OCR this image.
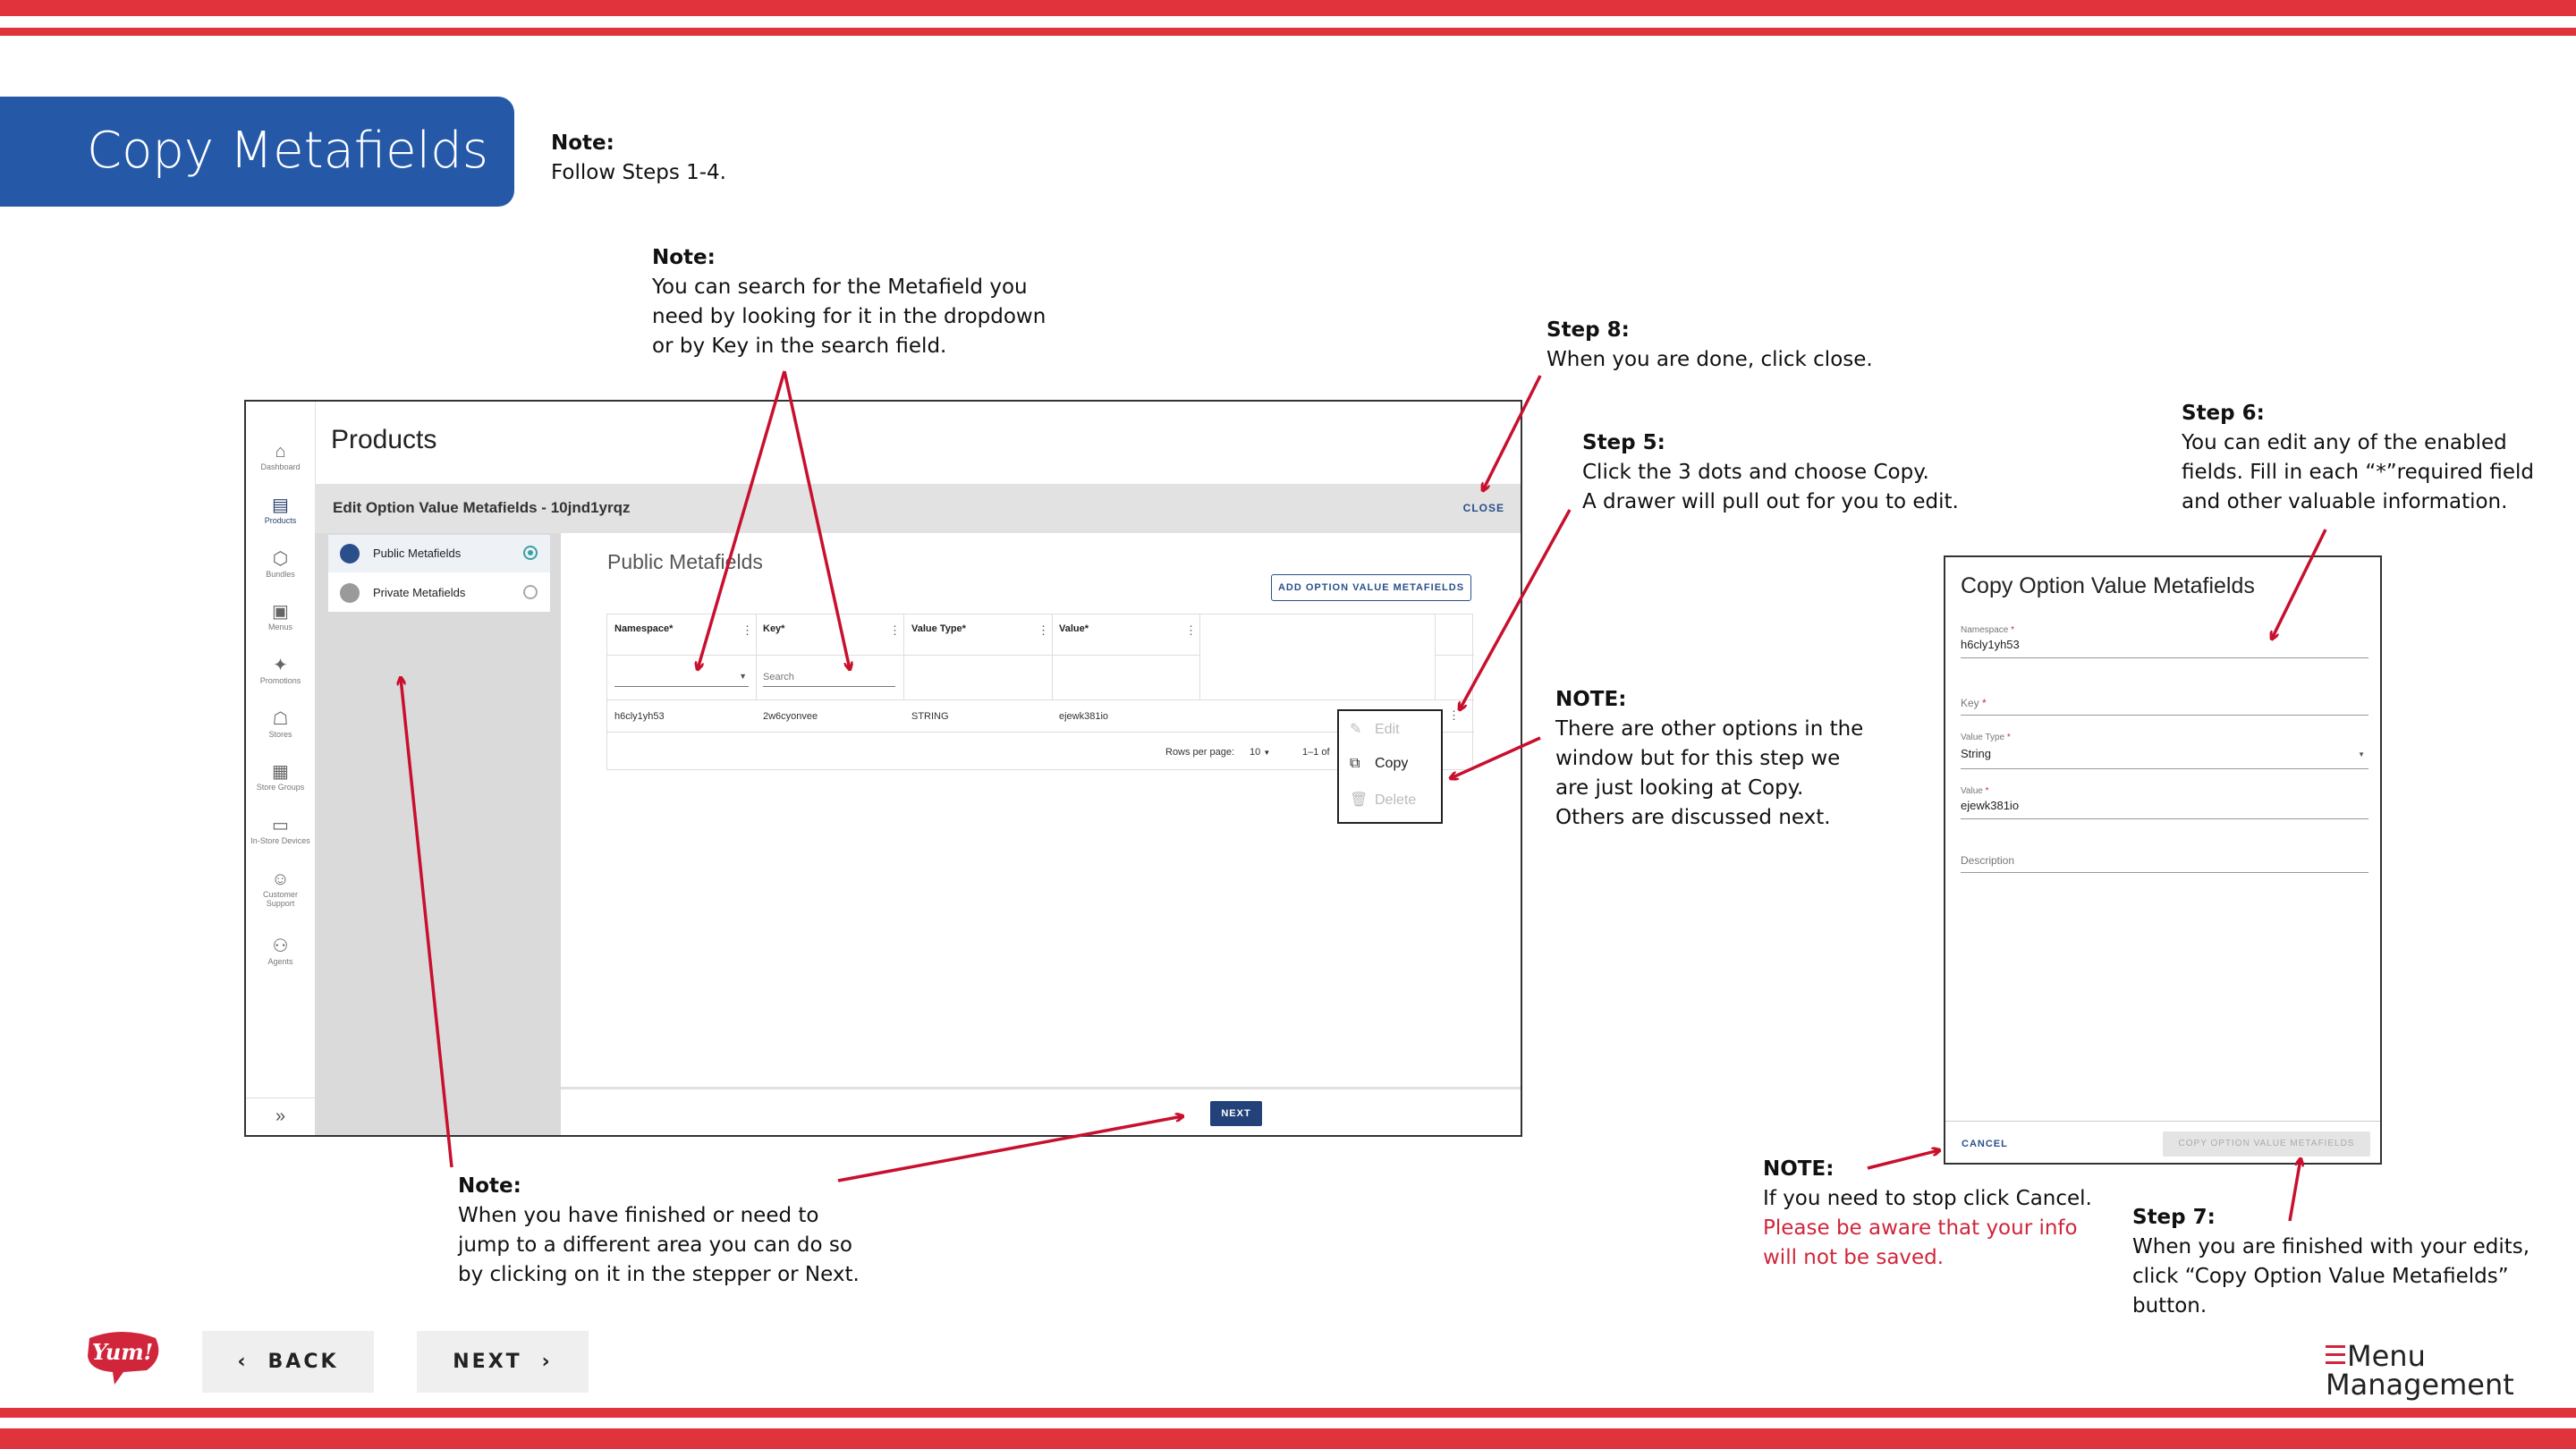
Copy Metafields	Note:
Follow Steps 1-4.
Note:
You can search for the Metafield you
need by looking for it in the dropdown
or by Key in the search field.
Step 8:
When you are done, click close.
Step 5:
Click the 3 dots and choose Copy.
A drawer will pull out for you to edit.
Step 6:
You can edit any of the enabled
fields. Fill in each “*”required field
and other valuable information.
NOTE:
There are other options in the
window but for this step we
are just looking at Copy.
Others are discussed next.
Note:
When you have finished or need to
jump to a different area you can do so
by clicking on it in the stepper or Next.
NOTE:
If you need to stop click Cancel.
Please be aware that your info
will not be saved.
Step 7:
When you are finished with your edits,
click “Copy Option Value Metafields”
button.
⌂
Dashboard
▤
Products
⬡
Bundles
▣
Menus
✦
Promotions
☖
Stores
▦
Store Groups
▭
In-Store Devices
☺
Customer Support
⚇
Agents
»
Products
Edit Option Value Metafields - 10jnd1yrqz	CLOSE
Public Metafields
Private Metafields
Public Metafields
ADD OPTION VALUE METAFIELDS
Namespace*	⋮ Key*	⋮ Value Type*	⋮ Value*	⋮
▼
Search
h6cly1yh53	2w6cyonvee	STRING	ejewk381io	⋮
Rows per page: 10 ▼	1–1 of
✎ Edit
⧉ Copy
🗑 Delete
NEXT
Copy Option Value Metafields
Namespace *
h6cly1yh53
Key *
Value Type *
String	▼
Value *
ejewk381io
Description
CANCEL	COPY OPTION VALUE METAFIELDS
Yum!	‹ BACK	NEXT ›	Menu
Management
